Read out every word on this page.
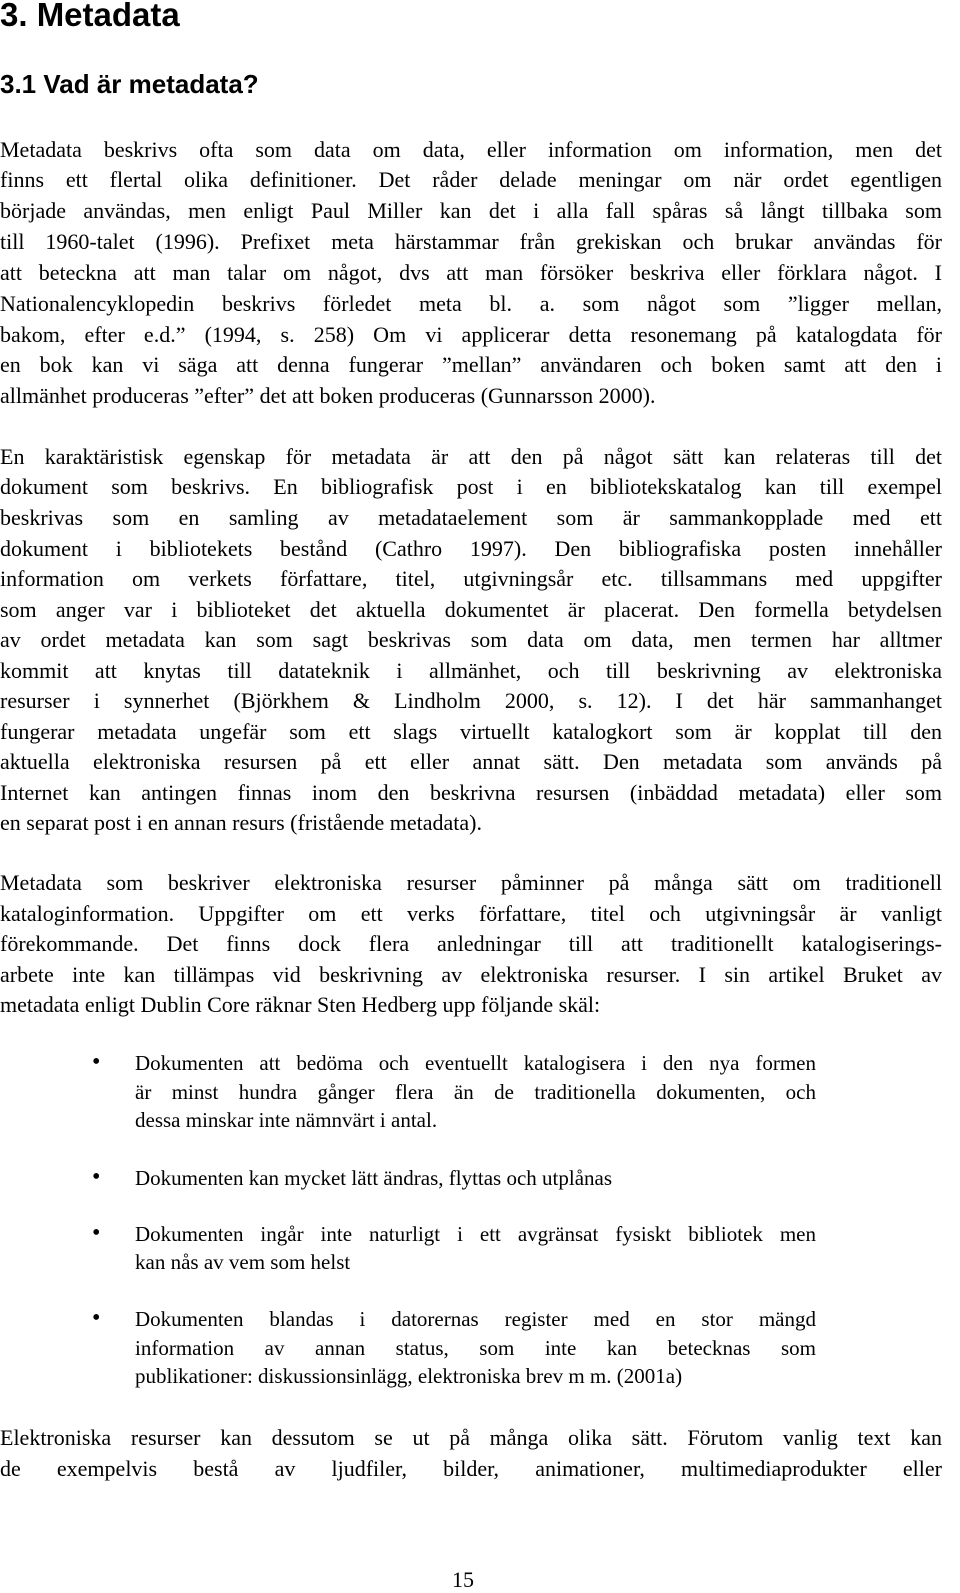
3. Metadata
3.1 Vad är metadata?
Metadata beskrivs ofta som data om data, eller information om information, men det
finns ett flertal olika definitioner. Det råder delade meningar om när ordet egentligen
började användas, men enligt Paul Miller kan det i alla fall spåras så långt tillbaka som
till 1960-talet (1996). Prefixet meta härstammar från grekiskan och brukar användas för
att beteckna att man talar om något, dvs att man försöker beskriva eller förklara något. I
Nationalencyklopedin beskrivs förledet meta bl. a. som något som ”ligger mellan,
bakom, efter e.d.” (1994, s. 258) Om vi applicerar detta resonemang på katalogdata för
en bok kan vi säga att denna fungerar ”mellan” användaren och boken samt att den i
allmänhet produceras ”efter” det att boken produceras (Gunnarsson 2000).
En karaktäristisk egenskap för metadata är att den på något sätt kan relateras till det
dokument som beskrivs. En bibliografisk post i en bibliotekskatalog kan till exempel
beskrivas som en samling av metadataelement som är sammankopplade med ett
dokument i bibliotekets bestånd (Cathro 1997). Den bibliografiska posten innehåller
information om verkets författare, titel, utgivningsår etc. tillsammans med uppgifter
som anger var i biblioteket det aktuella dokumentet är placerat. Den formella betydelsen
av ordet metadata kan som sagt beskrivas som data om data, men termen har alltmer
kommit att knytas till datateknik i allmänhet, och till beskrivning av elektroniska
resurser i synnerhet (Björkhem & Lindholm 2000, s. 12). I det här sammanhanget
fungerar metadata ungefär som ett slags virtuellt katalogkort som är kopplat till den
aktuella elektroniska resursen på ett eller annat sätt. Den metadata som används på
Internet kan antingen finnas inom den beskrivna resursen (inbäddad metadata) eller som
en separat post i en annan resurs (fristående metadata).
Metadata som beskriver elektroniska resurser påminner på många sätt om traditionell
kataloginformation. Uppgifter om ett verks författare, titel och utgivningsår är vanligt
förekommande. Det finns dock flera anledningar till att traditionellt katalogiserings-
arbete inte kan tillämpas vid beskrivning av elektroniska resurser. I sin artikel Bruket av
metadata enligt Dublin Core räknar Sten Hedberg upp följande skäl:
• Dokumenten att bedöma och eventuellt katalogisera i den nya formen
är minst hundra gånger flera än de traditionella dokumenten, och
dessa minskar inte nämnvärt i antal.
• Dokumenten kan mycket lätt ändras, flyttas och utplånas
• Dokumenten ingår inte naturligt i ett avgränsat fysiskt bibliotek men
kan nås av vem som helst
• Dokumenten blandas i datorernas register med en stor mängd
information av annan status, som inte kan betecknas som
publikationer: diskussionsinlägg, elektroniska brev m m. (2001a)
Elektroniska resurser kan dessutom se ut på många olika sätt. Förutom vanlig text kan
de exempelvis bestå av ljudfiler, bilder, animationer, multimediaprodukter eller
15
